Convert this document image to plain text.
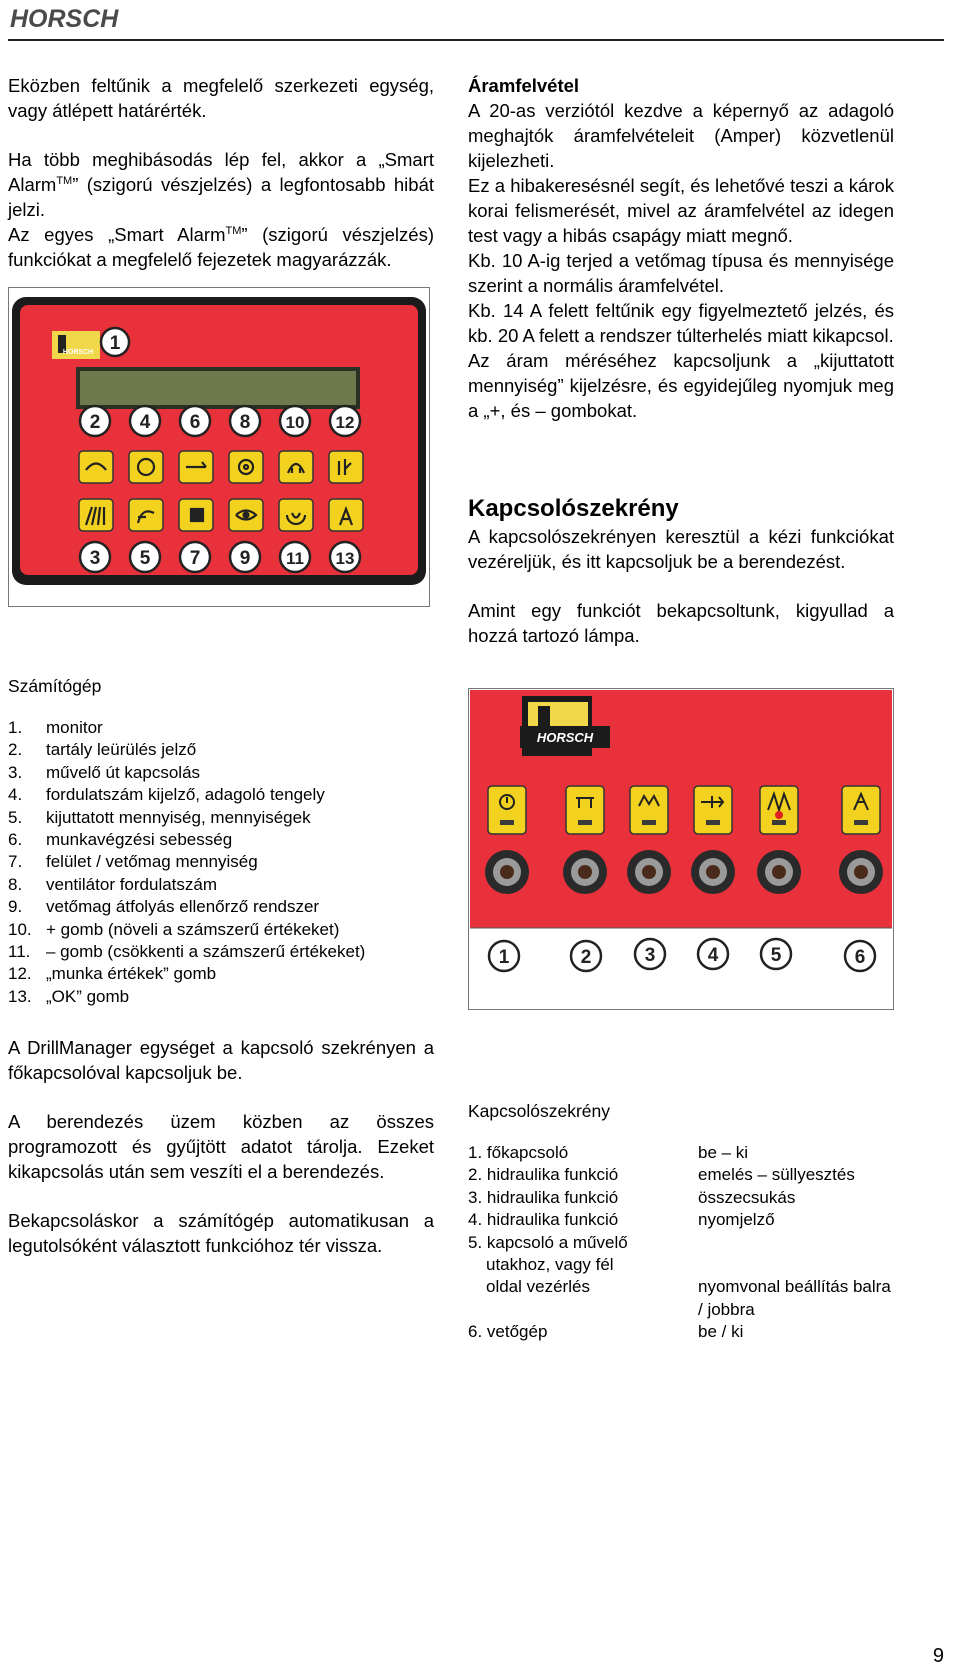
HORSCH

Eközben feltűnik a megfelelő szerkezeti egység, vagy átlépett határérték.

Ha több meghibásodás lép fel, akkor a „Smart Alarm™” (szigorú vészjelzés) a legfontosabb hibát jelzi.

Az egyes „Smart Alarm™” (szigorú vészjelzés) funkciókat a megfelelő fejezetek magyarázzák.

HORSCH 1
2 4 6 8 10 12
3 5 7 9 11 13

Számítógép

1.	monitor
2.	tartály leürülés jelző
3.	művelő út kapcsolás
4.	fordulatszám kijelző, adagoló tengely
5.	kijuttatott mennyiség, mennyiségek
6.	munkavégzési sebesség
7.	felület / vetőmag mennyiség
8.	ventilátor fordulatszám
9.	vetőmag átfolyás ellenőrző rendszer
10. + gomb (növeli a számszerű értékeket)
11. – gomb (csökkenti a számszerű értékeket)
12. „munka értékek” gomb
13. „OK” gomb

A DrillManager egységet a kapcsoló szekrényen a főkapcsolóval kapcsoljuk be.

A berendezés üzem közben az összes programozott és gyűjtött adatot tárolja. Ezeket kikapcsolás után sem veszíti el a berendezés.

Bekapcsoláskor a számítógép automatikusan a legutolsóként választott funkcióhoz tér vissza.

Áramfelvétel

A 20-as verziótól kezdve a képernyő az adagoló meghajtók áramfelvételeit (Amper) közvetlenül kijelezheti.

Ez a hibakeresésnél segít, és lehetővé teszi a károk korai felismerését, mivel az áramfelvétel az idegen test vagy a hibás csapágy miatt megnő.

Kb. 10 A-ig terjed a vetőmag típusa és mennyisége szerint a normális áramfelvétel.

Kb. 14 A felett feltűnik egy figyelmeztető jelzés, és kb. 20 A felett a rendszer túlterhelés miatt kikapcsol.

Az áram méréséhez kapcsoljunk a „kijuttatott mennyiség” kijelzésre, és egyidejűleg nyomjuk meg a „+, és – gombokat.

Kapcsolószekrény

A kapcsolószekrényen keresztül a kézi funkciókat vezéreljük, és itt kapcsoljuk be a berendezést.

Amint egy funkciót bekapcsoltunk, kigyullad a hozzá tartozó lámpa.

HORSCH
1	2	3	4	5	6

Kapcsolószekrény

1. főkapcsoló	be – ki
2. hidraulika funkció	emelés – süllyesztés
3. hidraulika funkció	összecsukás
4. hidraulika funkció	nyomjelző
5. kapcsoló a művelő
utakhoz, vagy fél
oldal vezérlés	nyomvonal beállítás balra
/ jobbra
6. vetőgép	be / ki
9
